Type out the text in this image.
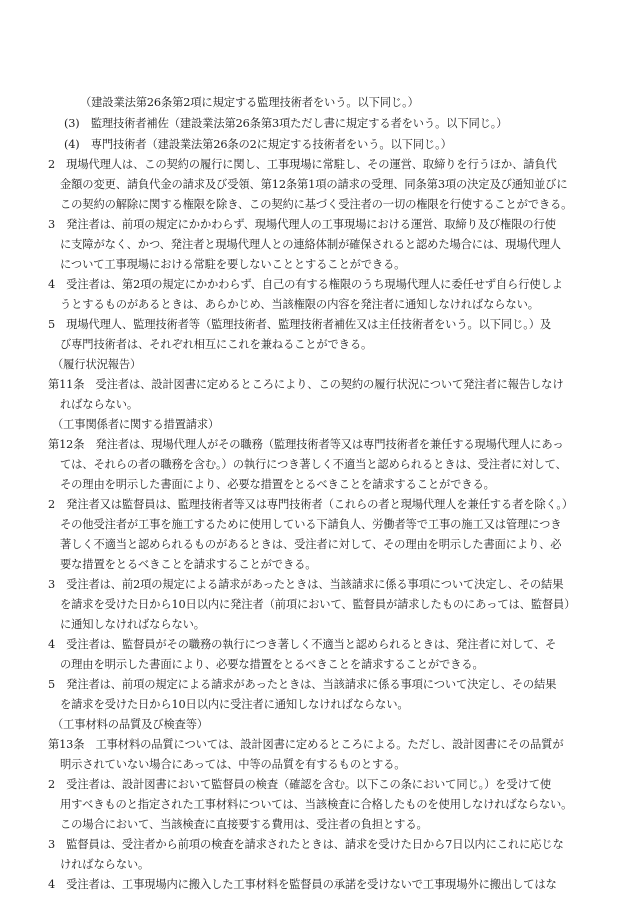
（建設業法第26条第2項に規定する監理技術者をいう。以下同じ。）
(3)　監理技術者補佐（建設業法第26条第3項ただし書に規定する者をいう。以下同じ。）
(4)　専門技術者（建設業法第26条の2に規定する技術者をいう。以下同じ。）
2　現場代理人は、この契約の履行に関し、工事現場に常駐し、その運営、取締りを行うほか、請負代
金額の変更、請負代金の請求及び受領、第12条第1項の請求の受理、同条第3項の決定及び通知並びに
この契約の解除に関する権限を除き、この契約に基づく受注者の一切の権限を行使することができる。
3　発注者は、前項の規定にかかわらず、現場代理人の工事現場における運営、取締り及び権限の行使
に支障がなく、かつ、発注者と現場代理人との連絡体制が確保されると認めた場合には、現場代理人
について工事現場における常駐を要しないこととすることができる。
4　受注者は、第2項の規定にかかわらず、自己の有する権限のうち現場代理人に委任せず自ら行使しよ
うとするものがあるときは、あらかじめ、当該権限の内容を発注者に通知しなければならない。
5　現場代理人、監理技術者等（監理技術者、監理技術者補佐又は主任技術者をいう。以下同じ。）及
び専門技術者は、それぞれ相互にこれを兼ねることができる。
（履行状況報告）
第11条　受注者は、設計図書に定めるところにより、この契約の履行状況について発注者に報告しなけ
ればならない。
（工事関係者に関する措置請求）
第12条　発注者は、現場代理人がその職務（監理技術者等又は専門技術者を兼任する現場代理人にあっ
ては、それらの者の職務を含む。）の執行につき著しく不適当と認められるときは、受注者に対して、
その理由を明示した書面により、必要な措置をとるべきことを請求することができる。
2　発注者又は監督員は、監理技術者等又は専門技術者（これらの者と現場代理人を兼任する者を除く。）
その他受注者が工事を施工するために使用している下請負人、労働者等で工事の施工又は管理につき
著しく不適当と認められるものがあるときは、受注者に対して、その理由を明示した書面により、必
要な措置をとるべきことを請求することができる。
3　受注者は、前2項の規定による請求があったときは、当該請求に係る事項について決定し、その結果
を請求を受けた日から10日以内に発注者（前項において、監督員が請求したものにあっては、監督員）
に通知しなければならない。
4　受注者は、監督員がその職務の執行につき著しく不適当と認められるときは、発注者に対して、そ
の理由を明示した書面により、必要な措置をとるべきことを請求することができる。
5　発注者は、前項の規定による請求があったときは、当該請求に係る事項について決定し、その結果
を請求を受けた日から10日以内に受注者に通知しなければならない。
（工事材料の品質及び検査等）
第13条　工事材料の品質については、設計図書に定めるところによる。ただし、設計図書にその品質が
明示されていない場合にあっては、中等の品質を有するものとする。
2　受注者は、設計図書において監督員の検査（確認を含む。以下この条において同じ。）を受けて使
用すべきものと指定された工事材料については、当該検査に合格したものを使用しなければならない。
この場合において、当該検査に直接要する費用は、受注者の負担とする。
3　監督員は、受注者から前項の検査を請求されたときは、請求を受けた日から7日以内にこれに応じな
ければならない。
4　受注者は、工事現場内に搬入した工事材料を監督員の承諾を受けないで工事現場外に搬出してはな
